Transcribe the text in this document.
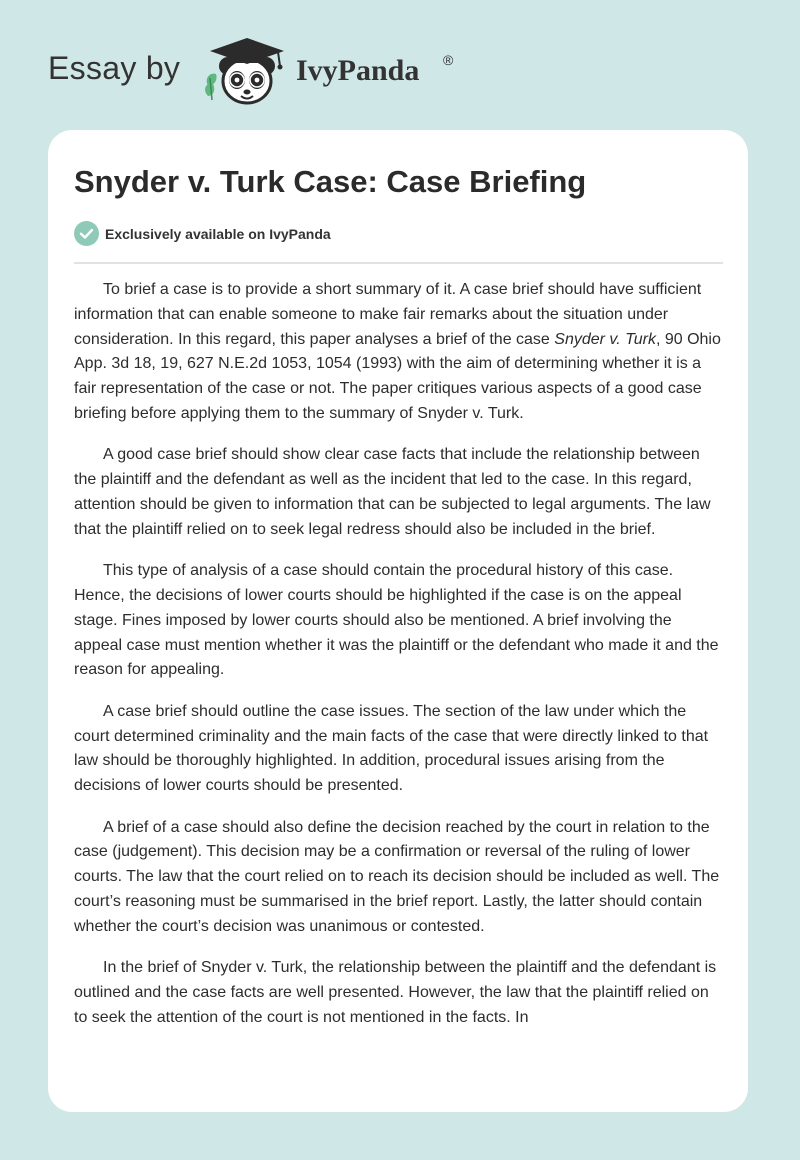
Essay by	IvyPanda ®
Snyder v. Turk Case: Case Briefing
Exclusively available on IvyPanda

To brief a case is to provide a short summary of it. A case brief should have sufficient information that can enable someone to make fair remarks about the situation under consideration. In this regard, this paper analyses a brief of the case Snyder v. Turk, 90 Ohio App. 3d 18, 19, 627 N.E.2d 1053, 1054 (1993) with the aim of determining whether it is a fair representation of the case or not. The paper critiques various aspects of a good case briefing before applying them to the summary of Snyder v. Turk.

A good case brief should show clear case facts that include the relationship between the plaintiff and the defendant as well as the incident that led to the case. In this regard, attention should be given to information that can be subjected to legal arguments. The law that the plaintiff relied on to seek legal redress should also be included in the brief.

This type of analysis of a case should contain the procedural history of this case. Hence, the decisions of lower courts should be highlighted if the case is on the appeal stage. Fines imposed by lower courts should also be mentioned. A brief involving the appeal case must mention whether it was the plaintiff or the defendant who made it and the reason for appealing.

A case brief should outline the case issues. The section of the law under which the court determined criminality and the main facts of the case that were directly linked to that law should be thoroughly highlighted. In addition, procedural issues arising from the decisions of lower courts should be presented.

A brief of a case should also define the decision reached by the court in relation to the case (judgement). This decision may be a confirmation or reversal of the ruling of lower courts. The law that the court relied on to reach its decision should be included as well. The court’s reasoning must be summarised in the brief report. Lastly, the latter should contain whether the court’s decision was unanimous or contested.

In the brief of Snyder v. Turk, the relationship between the plaintiff and the defendant is outlined and the case facts are well presented. However, the law that the plaintiff relied on to seek the attention of the court is not mentioned in the facts. In
